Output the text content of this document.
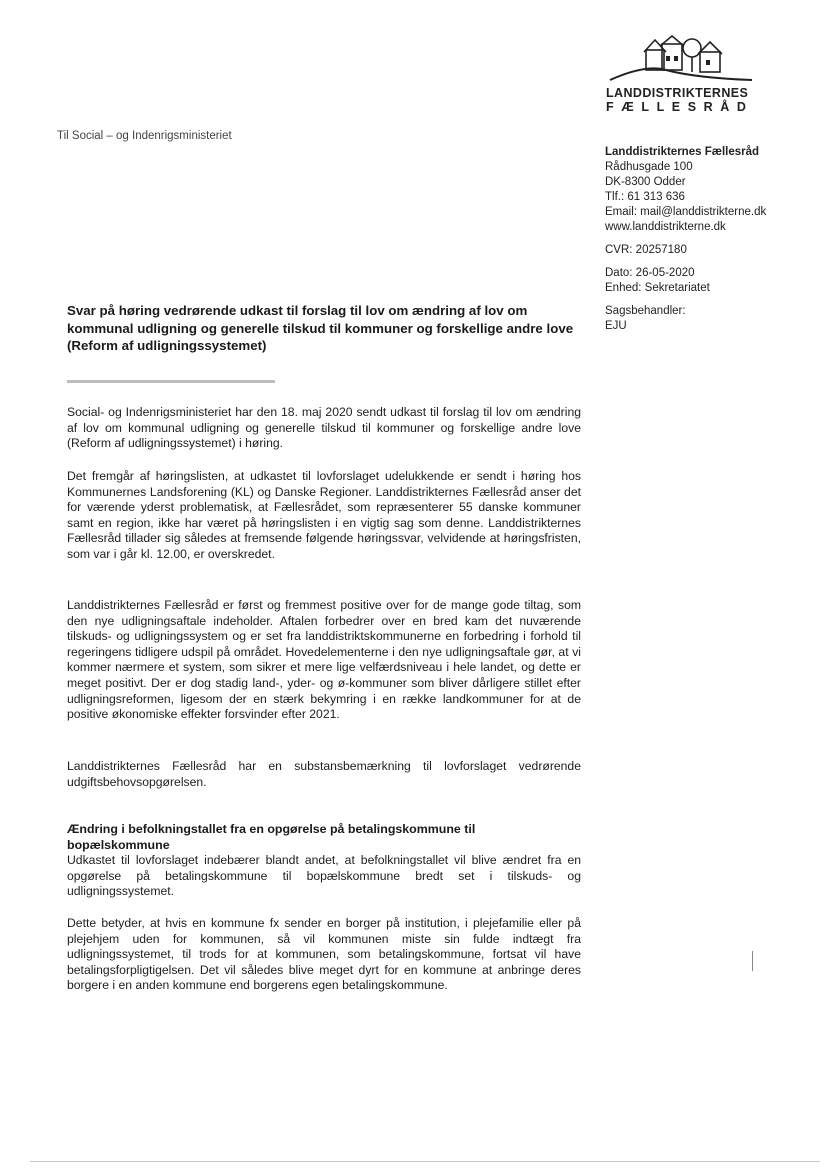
LANDDISTRIKTERNES
FÆLLESRÅD
Til Social – og Indenrigsministeriet
Landdistrikternes Fællesråd
Rådhusgade 100
DK-8300 Odder
Tlf.: 61 313 636
Email: mail@landdistrikterne.dk
www.landdistrikterne.dk
CVR: 20257180
Dato: 26-05-2020
Enhed: Sekretariatet
Sagsbehandler:
EJU
Svar på høring vedrørende udkast til forslag til lov om ændring af lov om kommunal udligning og generelle tilskud til kommuner og forskellige andre love (Reform af udligningssystemet)
Social- og Indenrigsministeriet har den 18. maj 2020 sendt udkast til forslag til lov om ændring af lov om kommunal udligning og generelle tilskud til kommuner og forskellige andre love (Reform af udligningssystemet) i høring.
Det fremgår af høringslisten, at udkastet til lovforslaget udelukkende er sendt i høring hos Kommunernes Landsforening (KL) og Danske Regioner. Landdistrikternes Fællesråd anser det for værende yderst problematisk, at Fællesrådet, som repræsenterer 55 danske kommuner samt en region, ikke har været på høringslisten i en vigtig sag som denne. Landdistrikternes Fællesråd tillader sig således at fremsende følgende høringssvar, velvidende at høringsfristen, som var i går kl. 12.00, er overskredet.
Landdistrikternes Fællesråd er først og fremmest positive over for de mange gode tiltag, som den nye udligningsaftale indeholder. Aftalen forbedrer over en bred kam det nuværende tilskuds- og udligningssystem og er set fra landdistriktskommunerne en forbedring i forhold til regeringens tidligere udspil på området. Hovedelementerne i den nye udligningsaftale gør, at vi kommer nærmere et system, som sikrer et mere lige velfærdsniveau i hele landet, og dette er meget positivt. Der er dog stadig land-, yder- og ø-kommuner som bliver dårligere stillet efter udligningsreformen, ligesom der en stærk bekymring i en række landkommuner for at de positive økonomiske effekter forsvinder efter 2021.
Landdistrikternes Fællesråd har en substansbemærkning til lovforslaget vedrørende udgiftsbehovsopgørelsen.
Ændring i befolkningstallet fra en opgørelse på betalingskommune til bopælskommune
Udkastet til lovforslaget indebærer blandt andet, at befolkningstallet vil blive ændret fra en opgørelse på betalingskommune til bopælskommune bredt set i tilskuds- og udligningssystemet.
Dette betyder, at hvis en kommune fx sender en borger på institution, i plejefamilie eller på plejehjem uden for kommunen, så vil kommunen miste sin fulde indtægt fra udligningssystemet, til trods for at kommunen, som betalingskommune, fortsat vil have betalingsforpligtigelsen. Det vil således blive meget dyrt for en kommune at anbringe deres borgere i en anden kommune end borgerens egen betalingskommune.
